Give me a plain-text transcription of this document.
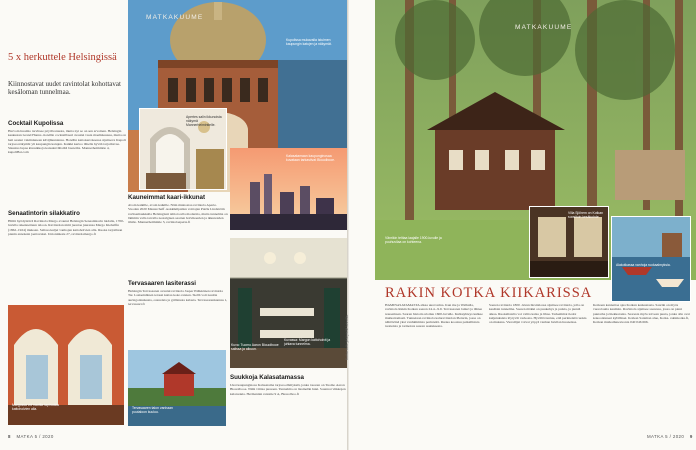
5 x herkuttele Helsingissä
Kiinnostavat uudet ravintolat kohottavat kesäloman tunnelmaa.
Cocktail Kupolissa
Harvoin huomio tarvitsee pöytävarausta, mutta nyt se on sen arvoinen. Helsingin keskustan Grand Hanna -hotellin cocktailbaari avautui vasta maaliskuussa, mutta on heti saanut vakiintuneen kävijäkuntansa. Hotellin kattokerroksessa sijaitseva Kupoli tarjoaa näkymät yli kaupungin katujen. Kaikki kertoo lähelle hyvää tarjoiltavaa. Sisustus lupaa klassikkoja kansainvälisiltä baareilta. Mannerheimintie 4, kupoliBar.com
Senaatintorin silakkatiro
Hiiltä hyödyntävä Ravintola Margo avautui Helsingin Senaatintorin laidalle, 1700-luvulla rakennettuun taloon. Ravintolan nimi juontaa juurensa Margo Kiebelfin (1862–1924) mukaan. Salissa kuljet vanhojen kattoholvien alla. Ruoka tarjoillaan pienin annoksin jaettavaksi. Unioninkatu 27, ravintolamargo.fi
MATKAKUUME
Kupolissa mukavalla istuimen kaupungin katujen ja näkymät.
Apertes salin ikkunoista näkymä Mannerheimintielle.
Kauneimmat kaari-ikkunat
Avoin kaikille, avoin kaikille. Näin mainostaa ravintola Aperte. Vuoden 2020 Mastercheff -kokkikilpailun voittajan Patrik Lindström ravitsemaukkalla Helsingissä taltiota ulla modernia, mutta tunnelma on lämmin valla tarvalla nostalgisen saarten holvikaarien ja ikkunoiden tilalle. Mannerheimintie 3, ravintolaaperte.fi
Tervasaaren lasiterassi
Helsingin Tervasaaren avautui ravintola Jasper Pääkkönen ravintola Tar. Lasiseinäinen terassi kattaa koko rannan. Siellä voit nauttia auringonlaskusta, ostereista ja grillatusta kalasta. Tervasaarenkannas 1, tervasaari.fi
Kalasatamaan kaupunginosaa kuvataan tarkastivat Biouolbooe.
Kuvassa: Margon kattoholvit ja juhlava tunnelma.
Margossa voi nauttia tapiruokia kattoholvien alla.	Tervasaaren talon vanhaan puutaloon kuuluu.
Suukkoja Kalasatamassa
Uusi kaupunginosa Kalasatama tarjoaa elämyksiä, jonka tasoren on Tuomo Aaron Biouolbooe. Nimi viittaa pussaan. Tunnelma on liesinelän haki. Sounnoi viikkojen kalaruokia. Hermannin rantatie 9 A, Biouolboo.fi
8 MATKA 5 / 2020
MATKAKUUME
Vänrikin telttaa laajalle 1900-luvulle ja puuhuvilaa on kohteena.
Villa Sjöhem on Kotkan suosituin kesäkohde.
Alakotkassa vanhoja ruokaalmyksia.
Kotka kulki yksityisillä laivoilla.
RAKIN KOTKA KIIKARISSA
HAMINASATAMASTA alkaa uusi tarina. Kun me ja Walhalla, ravintola Rakin Kotkan saaren 24.4.–9.9. Tervasaaren laituri ja lähtee nousemaan. Saaren historia ulottuu 1600-luvulle. Kulkuyhteys kulkee mutkattomasti. Tunnetaan ravintola kalaravintolan Pietarin, jossa on nähtävänä yksi vanhimmista perinteitä. Ruoka koostuu paikallisista tuotteista ja tarinoista saaren asutuksesta.
Saaren ravintola 1800 -luvun hirsitalossa sijaitsee ravintola, jolla on kesäisin tunnelma. Saaren mökki on puukehys ja puisia, ja pieniä aikaa. Ruokalistalta voi valita kalaa ja lihaa. Tarkemmat tiedot kuljetuksista löytyvät verkosta. Hyvältä tuntuu, että perinteisiä ruokia on mukana. Vierailijat voivat yöpyä vanhan huvilan huoneissa.
Kotkaan kannattaa ajaa Kotkan keskustasta. Saariin on myös vuorolautta kesäisin. Ravintola sijaitsee saaressa, jossa on pieni puutarha ja hiekkaranta. Saaresta myös toiveen puuta, jonka alle ovat kokoontuneet kyläläiset. Kotkan Sataman alue, Kotka. rakinkotka.fi, Kotkan matkailuneuvonta 040 046 666.
MATKA 5 / 2020 9
Kuva: Tuomo Aaron Biouolbooe salissa ja alkuun.
